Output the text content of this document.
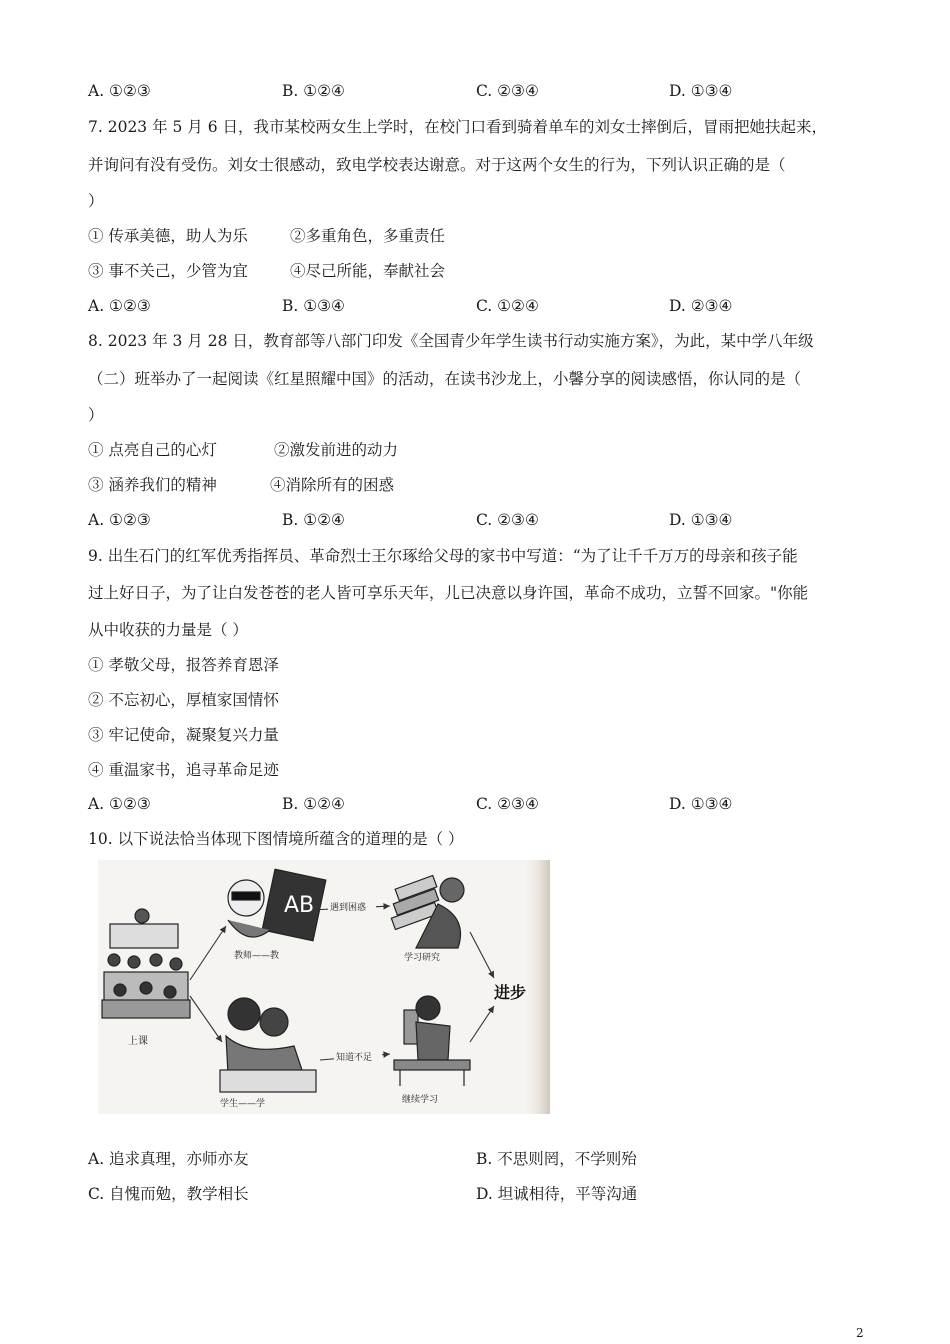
A. ①②③	B. ①②④	C. ②③④	D. ①③④
7. 2023 年 5 月 6 日，我市某校两女生上学时，在校门口看到骑着单车的刘女士摔倒后，冒雨把她扶起来，
并询问有没有受伤。刘女士很感动，致电学校表达谢意。对于这两个女生的行为，下列认识正确的是（
）
① 传承美德，助人为乐	②多重角色，多重责任
③ 事不关己，少管为宜	④尽己所能，奉献社会
A. ①②③	B. ①③④	C. ①②④	D. ②③④
8. 2023 年 3 月 28 日，教育部等八部门印发《全国青少年学生读书行动实施方案》，为此，某中学八年级
（二）班举办了一起阅读《红星照耀中国》的活动，在读书沙龙上，小馨分享的阅读感悟，你认同的是（
）
① 点亮自己的心灯	②激发前进的动力
③ 涵养我们的精神	④消除所有的困惑
A. ①②③	B. ①②④	C. ②③④	D. ①③④
9. 出生石门的红军优秀指挥员、革命烈士王尔琢给父母的家书中写道：“为了让千千万万的母亲和孩子能
过上好日子，为了让白发苍苍的老人皆可享乐天年，儿已决意以身许国，革命不成功，立誓不回家。"你能
从中收获的力量是（ ）
① 孝敬父母，报答养育恩泽
② 不忘初心，厚植家国情怀
③ 牢记使命，凝聚复兴力量
④ 重温家书，追寻革命足迹
A. ①②③	B. ①②④	C. ②③④	D. ①③④
10. 以下说法恰当体现下图情境所蕴含的道理的是（ ）
上课
AB
教师——教	学习研究
学生——学	继续学习
遇到困惑
知道不足
进步
A. 追求真理，亦师亦友	B. 不思则罔，不学则殆
C. 自愧而勉，教学相长	D. 坦诚相待，平等沟通
2
